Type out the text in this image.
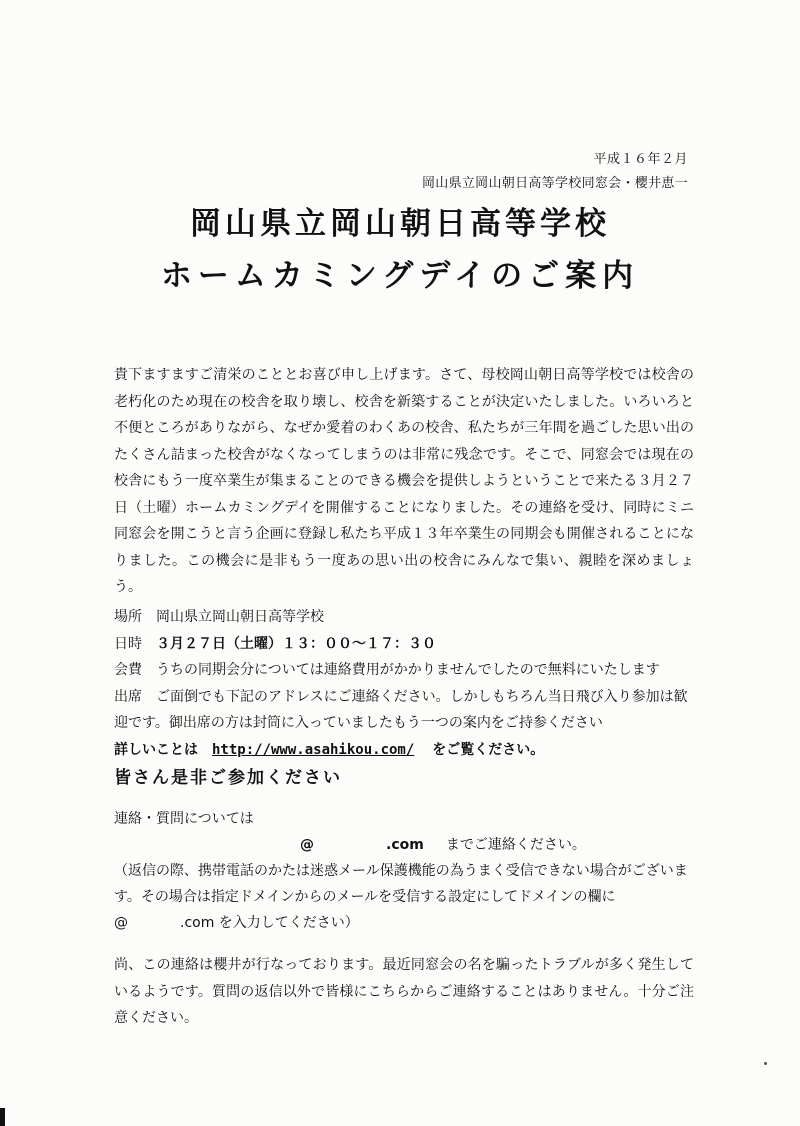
平成１６年２月
岡山県立岡山朝日高等学校同窓会・櫻井恵一
岡山県立岡山朝日高等学校
ホームカミングデイのご案内

貴下ますますご清栄のこととお喜び申し上げます。さて、母校岡山朝日高等学校では校舎の老朽化のため現在の校舎を取り壊し、校舎を新築することが決定いたしました。いろいろと不便ところがありながら、なぜか愛着のわくあの校舎、私たちが三年間を過ごした思い出のたくさん詰まった校舎がなくなってしまうのは非常に残念です。そこで、同窓会では現在の校舎にもう一度卒業生が集まることのできる機会を提供しようということで来たる３月２７日（土曜）ホームカミングデイを開催することになりました。その連絡を受け、同時にミニ同窓会を開こうと言う企画に登録し私たち平成１３年卒業生の同期会も開催されることになりました。この機会に是非もう一度あの思い出の校舎にみんなで集い、親睦を深めましょう。

場所 岡山県立岡山朝日高等学校
日時 ３月２７日（土曜）１３：００～１７：３０
会費 うちの同期会分については連絡費用がかかりませんでしたので無料にいたします
出席 ご面倒でも下記のアドレスにご連絡ください。しかしもちろん当日飛び入り参加は歓迎です。御出席の方は封筒に入っていましたもう一つの案内をご持参ください
詳しいことは http://www.asahikou.com/ をご覧ください。
皆さん是非ご参加ください
連絡・質問については
@	.com までご連絡ください。
（返信の際、携帯電話のかたは迷惑メール保護機能の為うまく受信できない場合がございます。その場合は指定ドメインからのメールを受信する設定にしてドメインの欄に
@	.com を入力してください）

尚、この連絡は櫻井が行なっております。最近同窓会の名を騙ったトラブルが多く発生しているようです。質問の返信以外で皆様にこちらからご連絡することはありません。十分ご注意ください。
